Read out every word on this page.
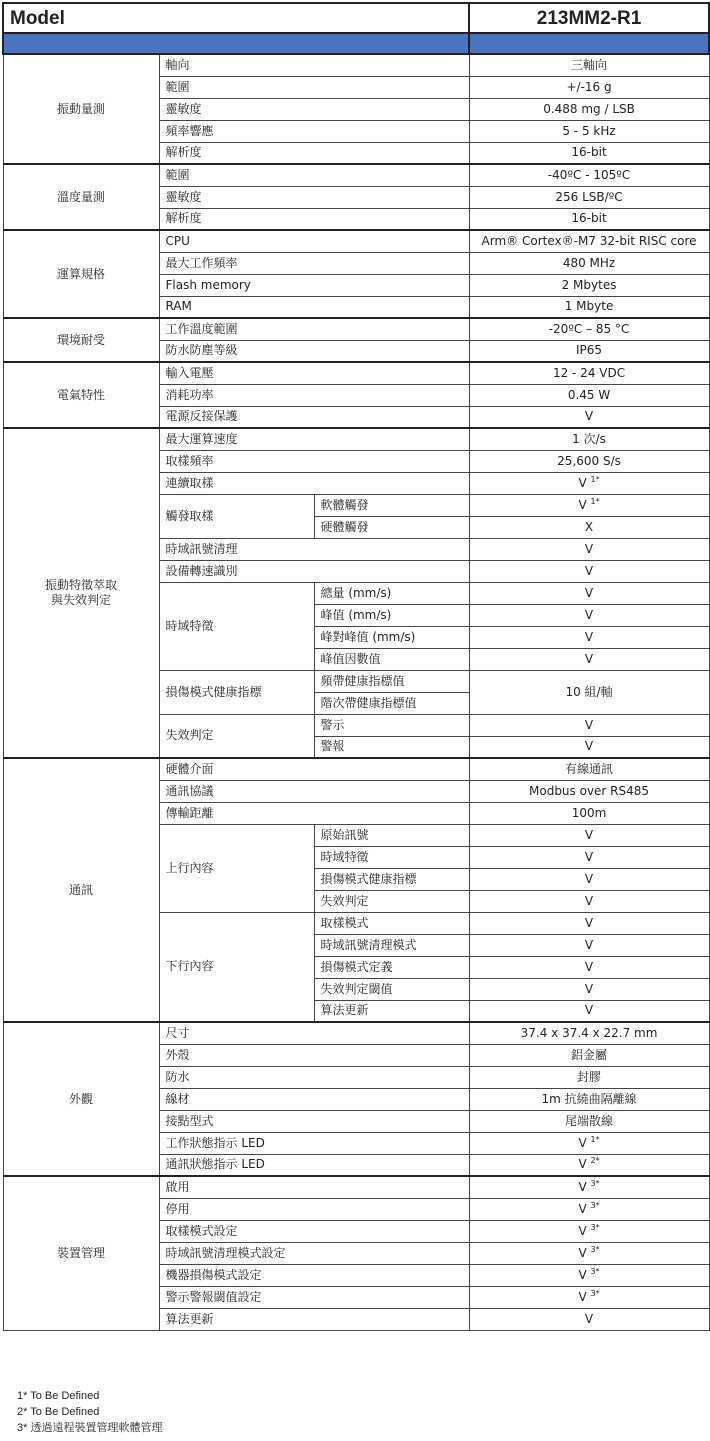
Model			213MM2-R1

振動量測	軸向		三軸向
	範圍		+/-16 g
	靈敏度		0.488 mg / LSB
	頻率響應		5 - 5 kHz
	解析度		16-bit
溫度量測	範圍		-40ºC - 105ºC
	靈敏度		256 LSB/ºC
	解析度		16-bit
運算規格	CPU		Arm® Cortex®-M7 32-bit RISC core
	最大工作頻率		480 MHz
	Flash memory		2 Mbytes
	RAM		1 Mbyte
環境耐受	工作溫度範圍		-20ºC – 85 °C
	防水防塵等級		IP65
電氣特性	輸入電壓		12 - 24 VDC
	消耗功率		0.45 W
	電源反接保護		V

振動特徵萃取
與失效判定	最大運算速度		1 次/s
	取樣頻率		25,600 S/s
	連續取樣		V $^{1*}$
	觸發取樣	軟體觸發	V $^{1*}$
		硬體觸發	X
	時域訊號清理		V
	設備轉速識別		V
	時域特徵	總量 (mm/s)	V
		峰值 (mm/s)	V
		峰對峰值 (mm/s)	V
		峰值因數值	V
	損傷模式健康指標	頻帶健康指標值	10 組/軸
		階次帶健康指標值	
	失效判定	警示	V
		警報	V
通訊	硬體介面		有線通訊
	通訊協議		Modbus over RS485
	傳輸距離		100m
	上行內容	原始訊號	V
		時域特徵	V
		損傷模式健康指標	V
		失效判定	V
	下行內容	取樣模式	V
		時域訊號清理模式	V
		損傷模式定義	V
		失效判定閾值	V
		算法更新	V
外觀	尺寸		37.4 x 37.4 x 22.7 mm
	外殼		鋁金屬
	防水		封膠
	線材		1m 抗繞曲隔離線
	接點型式		尾端散線
	工作狀態指示 LED		V $^{1*}$
	通訊狀態指示 LED		V $^{2*}$
裝置管理	啟用		V $^{3*}$
	停用		V $^{3*}$
	取樣模式設定		V $^{3*}$
	時域訊號清理模式設定		V $^{3*}$
	機器損傷模式設定		V $^{3*}$
	警示警報閾值設定		V $^{3*}$
	算法更新		V
1* To Be Defined
2* To Be Defined
3* 透過遠程裝置管理軟體管理
